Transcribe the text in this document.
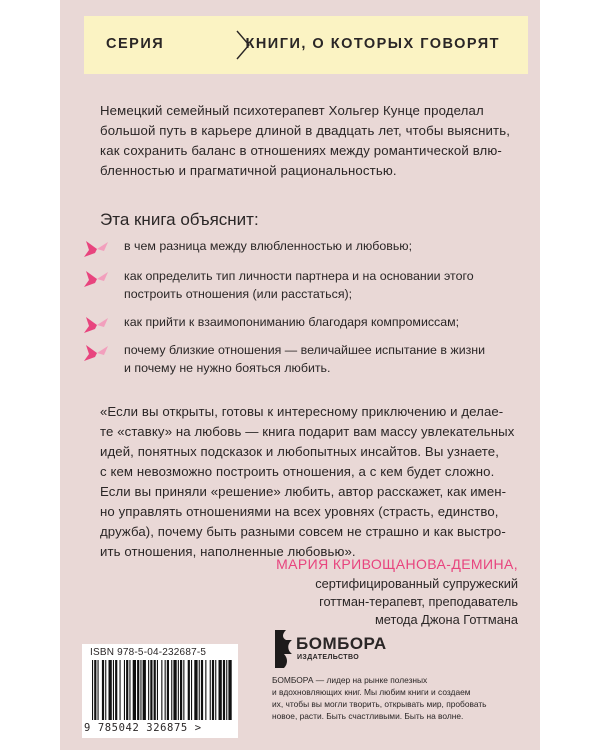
СЕРИЯ	КНИГИ, О КОТОРЫХ ГОВОРЯТ
Немецкий семейный психотерапевт Хольгер Кунце проделал
большой путь в карьере длиной в двадцать лет, чтобы выяснить,
как сохранить баланс в отношениях между романтической влю-
бленностью и прагматичной рациональностью.
Эта книга объяснит:
в чем разница между влюбленностью и любовью;
как определить тип личности партнера и на основании этого
построить отношения (или расстаться);
как прийти к взаимопониманию благодаря компромиссам;
почему близкие отношения — величайшее испытание в жизни
и почему не нужно бояться любить.
«Если вы открыты, готовы к интересному приключению и делае-
те «ставку» на любовь — книга подарит вам массу увлекательных
идей, понятных подсказок и любопытных инсайтов. Вы узнаете,
с кем невозможно построить отношения, а с кем будет сложно.
Если вы приняли «решение» любить, автор расскажет, как имен-
но управлять отношениями на всех уровнях (страсть, единство,
дружба), почему быть разными совсем не страшно и как выстро-
ить отношения, наполненные любовью».
МАРИЯ КРИВОЩАНОВА-ДЕМИНА,
сертифицированный супружеский
готтман-терапевт, преподаватель
метода Джона Готтмана
ISBN 978-5-04-232687-5
9 785042 326875 >
БОМБОРА
ИЗДАТЕЛЬСТВО
БОМБОРА — лидер на рынке полезных
и вдохновляющих книг. Мы любим книги и создаем
их, чтобы вы могли творить, открывать мир, пробовать
новое, расти. Быть счастливыми. Быть на волне.
